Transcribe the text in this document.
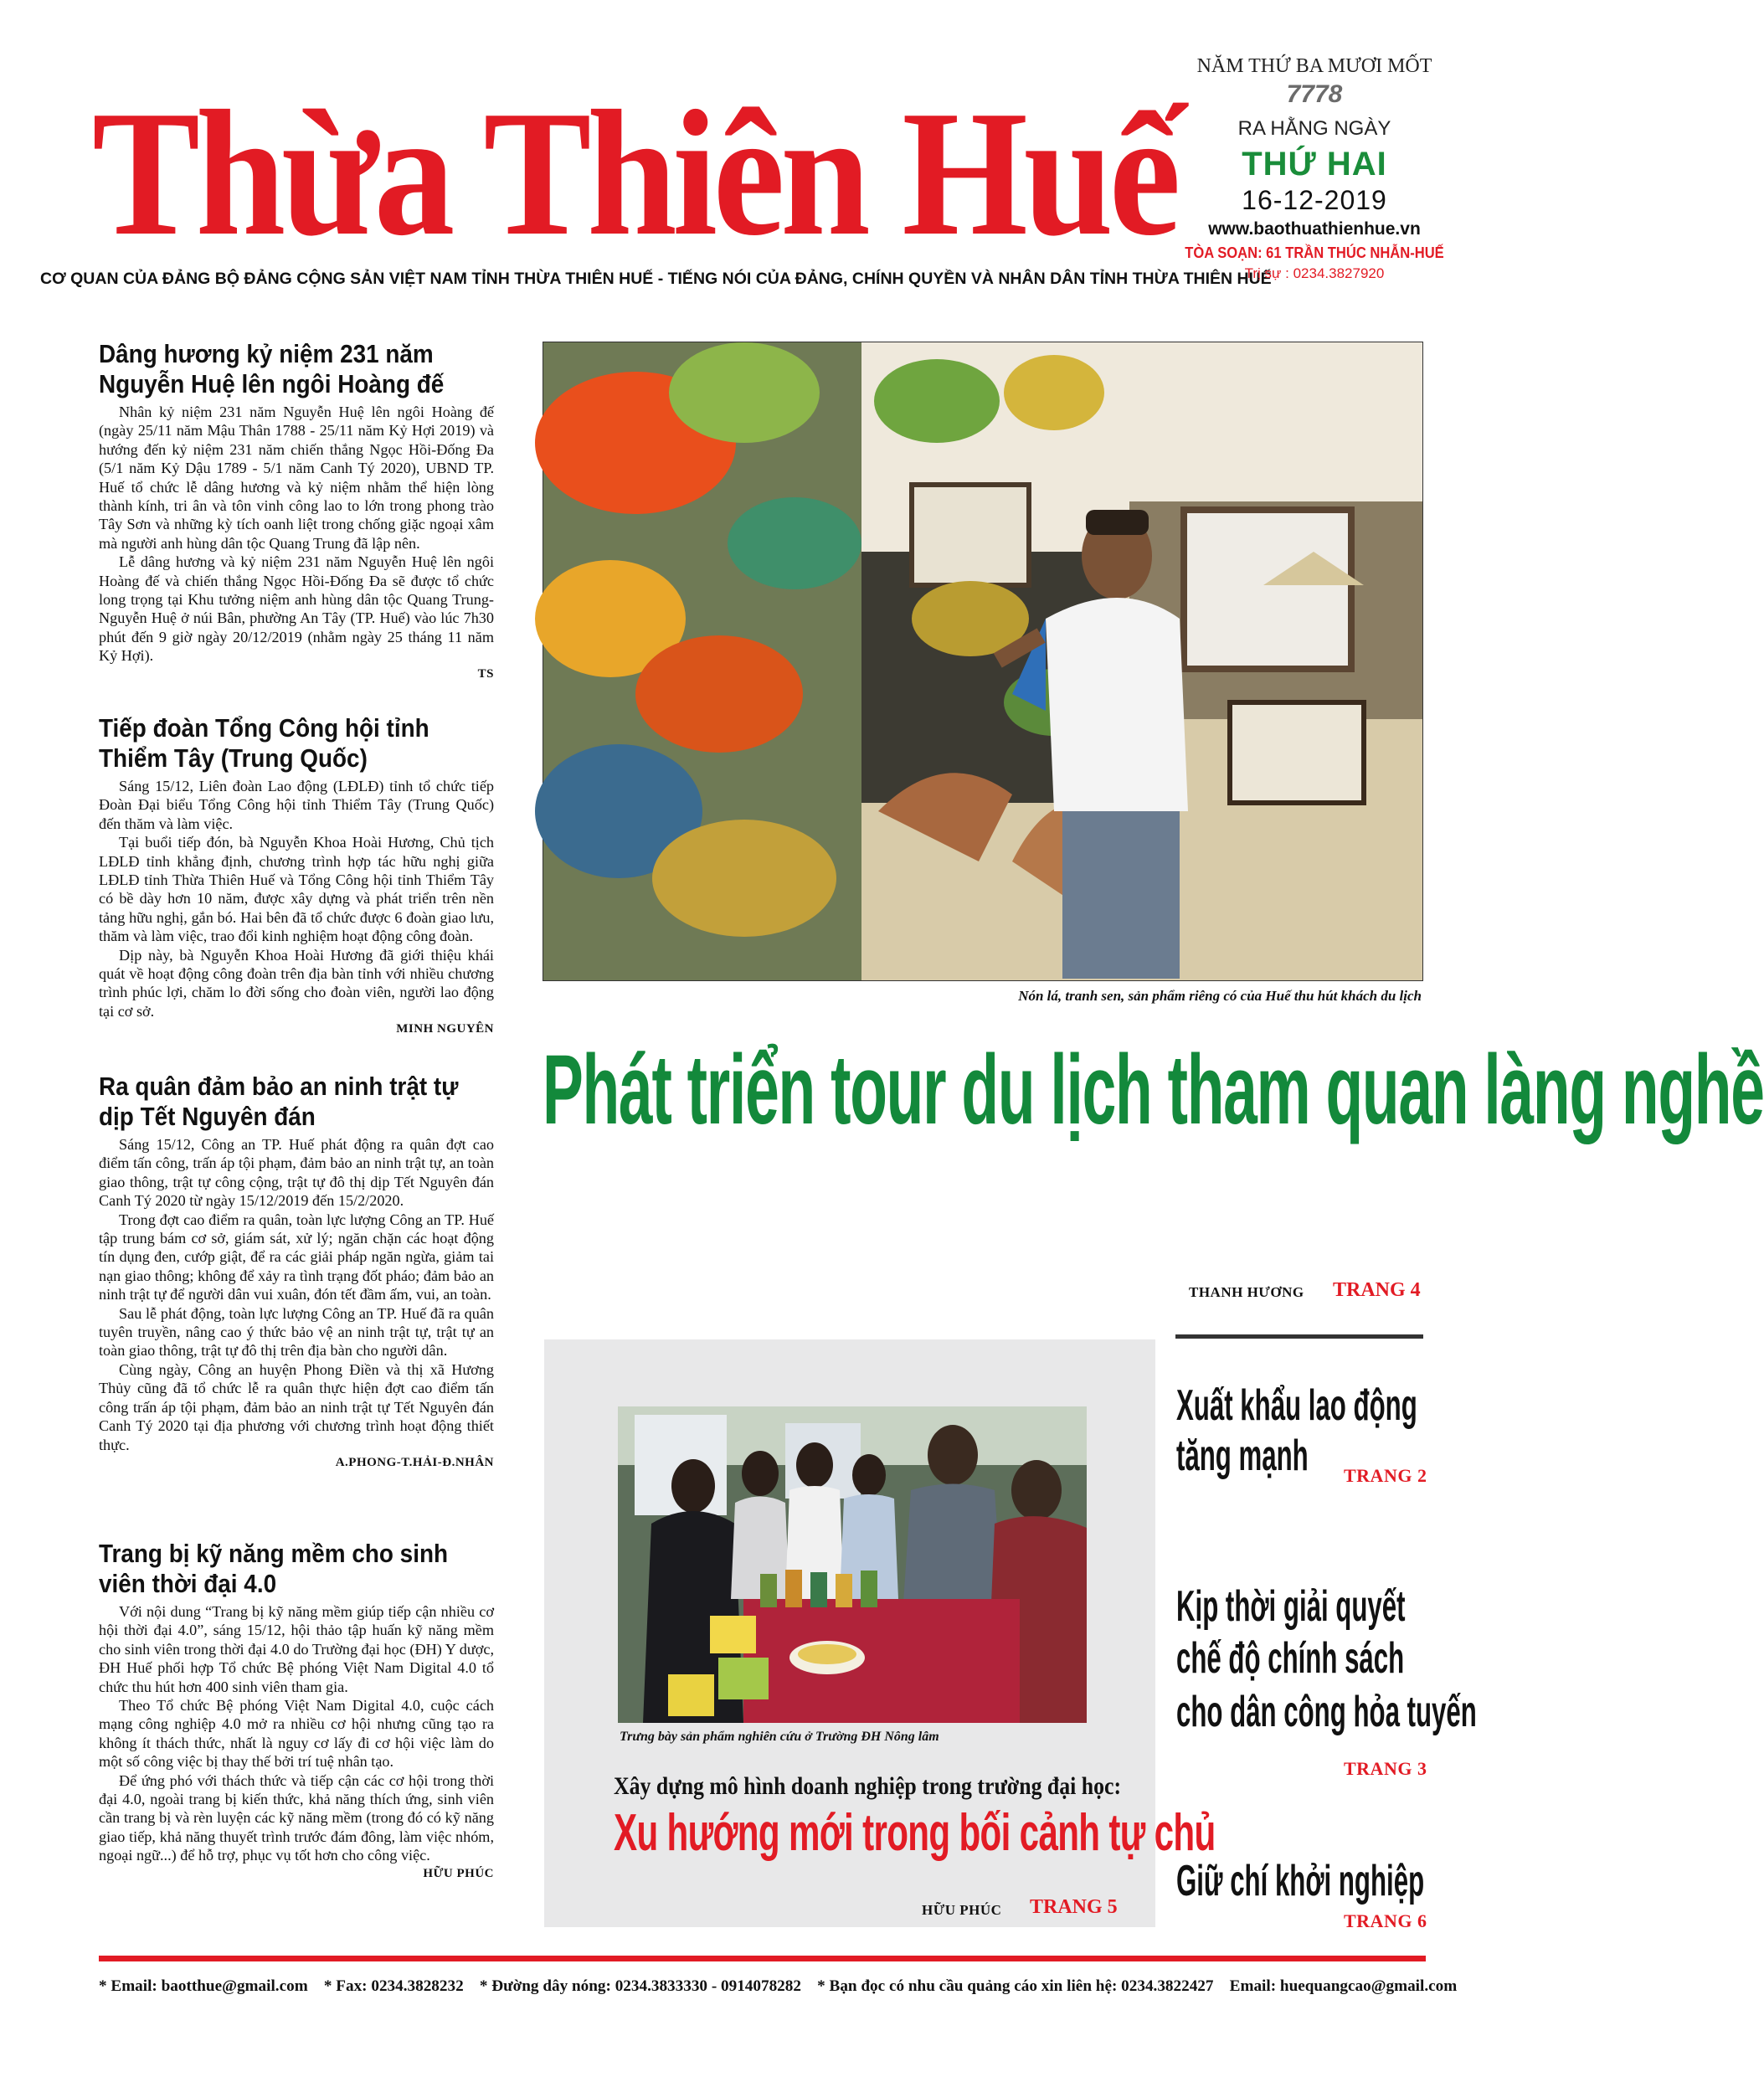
Thừa Thiên Huế
CƠ QUAN CỦA ĐẢNG BỘ ĐẢNG CỘNG SẢN VIỆT NAM TỈNH THỪA THIÊN HUẾ - TIẾNG NÓI CỦA ĐẢNG, CHÍNH QUYỀN VÀ NHÂN DÂN TỈNH THỪA THIÊN HUẾ
NĂM THỨ BA MƯƠI MỐT
7778
RA HẰNG NGÀY
THỨ HAI
16-12-2019
www.baothuathienhue.vn
TÒA SOẠN: 61 TRẦN THÚC NHẪN-HUẾ
Trị sự : 0234.3827920
Dâng hương kỷ niệm 231 năm Nguyễn Huệ lên ngôi Hoàng đế

Nhân kỷ niệm 231 năm Nguyễn Huệ lên ngôi Hoàng đế (ngày 25/11 năm Mậu Thân 1788 - 25/11 năm Kỷ Hợi 2019) và hướng đến kỷ niệm 231 năm chiến thắng Ngọc Hồi-Đống Đa (5/1 năm Kỷ Dậu 1789 - 5/1 năm Canh Tý 2020), UBND TP. Huế tổ chức lễ dâng hương và kỷ niệm nhằm thể hiện lòng thành kính, tri ân và tôn vinh công lao to lớn trong phong trào Tây Sơn và những kỳ tích oanh liệt trong chống giặc ngoại xâm mà người anh hùng dân tộc Quang Trung đã lập nên.

Lễ dâng hương và kỷ niệm 231 năm Nguyễn Huệ lên ngôi Hoàng đế và chiến thắng Ngọc Hồi-Đống Đa sẽ được tổ chức long trọng tại Khu tưởng niệm anh hùng dân tộc Quang Trung-Nguyễn Huệ ở núi Bân, phường An Tây (TP. Huế) vào lúc 7h30 phút đến 9 giờ ngày 20/12/2019 (nhằm ngày 25 tháng 11 năm Kỷ Hợi).

TS
Tiếp đoàn Tổng Công hội tỉnh Thiểm Tây (Trung Quốc)

Sáng 15/12, Liên đoàn Lao động (LĐLĐ) tỉnh tổ chức tiếp Đoàn Đại biểu Tổng Công hội tỉnh Thiểm Tây (Trung Quốc) đến thăm và làm việc.

Tại buổi tiếp đón, bà Nguyễn Khoa Hoài Hương, Chủ tịch LĐLĐ tỉnh khẳng định, chương trình hợp tác hữu nghị giữa LĐLĐ tỉnh Thừa Thiên Huế và Tổng Công hội tỉnh Thiểm Tây có bề dày hơn 10 năm, được xây dựng và phát triển trên nền tảng hữu nghị, gắn bó. Hai bên đã tổ chức được 6 đoàn giao lưu, thăm và làm việc, trao đổi kinh nghiệm hoạt động công đoàn.

Dịp này, bà Nguyễn Khoa Hoài Hương đã giới thiệu khái quát về hoạt động công đoàn trên địa bàn tỉnh với nhiều chương trình phúc lợi, chăm lo đời sống cho đoàn viên, người lao động tại cơ sở.

MINH NGUYÊN
Ra quân đảm bảo an ninh trật tự dịp Tết Nguyên đán

Sáng 15/12, Công an TP. Huế phát động ra quân đợt cao điểm tấn công, trấn áp tội phạm, đảm bảo an ninh trật tự, an toàn giao thông, trật tự công cộng, trật tự đô thị dịp Tết Nguyên đán Canh Tý 2020 từ ngày 15/12/2019 đến 15/2/2020.

Trong đợt cao điểm ra quân, toàn lực lượng Công an TP. Huế tập trung bám cơ sở, giám sát, xử lý; ngăn chặn các hoạt động tín dụng đen, cướp giật, để ra các giải pháp ngăn ngừa, giảm tai nạn giao thông; không để xảy ra tình trạng đốt pháo; đảm bảo an ninh trật tự để người dân vui xuân, đón tết đầm ấm, vui, an toàn.

Sau lễ phát động, toàn lực lượng Công an TP. Huế đã ra quân tuyên truyền, nâng cao ý thức bảo vệ an ninh trật tự, trật tự an toàn giao thông, trật tự đô thị trên địa bàn cho người dân.

Cùng ngày, Công an huyện Phong Điền và thị xã Hương Thủy cũng đã tổ chức lễ ra quân thực hiện đợt cao điểm tấn công trấn áp tội phạm, đảm bảo an ninh trật tự Tết Nguyên đán Canh Tý 2020 tại địa phương với chương trình hoạt động thiết thực.

A.PHONG-T.HẢI-Đ.NHÂN
Trang bị kỹ năng mềm cho sinh viên thời đại 4.0

Với nội dung “Trang bị kỹ năng mềm giúp tiếp cận nhiều cơ hội thời đại 4.0”, sáng 15/12, hội thảo tập huấn kỹ năng mềm cho sinh viên trong thời đại 4.0 do Trường đại học (ĐH) Y dược, ĐH Huế phối hợp Tổ chức Bệ phóng Việt Nam Digital 4.0 tổ chức thu hút hơn 400 sinh viên tham gia.

Theo Tổ chức Bệ phóng Việt Nam Digital 4.0, cuộc cách mạng công nghiệp 4.0 mở ra nhiều cơ hội nhưng cũng tạo ra không ít thách thức, nhất là nguy cơ lấy đi cơ hội việc làm do một số công việc bị thay thế bởi trí tuệ nhân tạo.

Để ứng phó với thách thức và tiếp cận các cơ hội trong thời đại 4.0, ngoài trang bị kiến thức, khả năng thích ứng, sinh viên cần trang bị và rèn luyện các kỹ năng mềm (trong đó có kỹ năng giao tiếp, khả năng thuyết trình trước đám đông, làm việc nhóm, ngoại ngữ...) để hỗ trợ, phục vụ tốt hơn cho công việc.

HỮU PHÚC
Nón lá, tranh sen, sản phẩm riêng có của Huế thu hút khách du lịch
Phát triển tour du lịch tham quan làng nghề
THANH HƯƠNG TRANG 4
Trưng bày sản phẩm nghiên cứu ở Trường ĐH Nông lâm
Xây dựng mô hình doanh nghiệp trong trường đại học:
Xu hướng mới trong bối cảnh tự chủ
HỮU PHÚC TRANG 5
Xuất khẩu lao động
tăng mạnh TRANG 2
Kịp thời giải quyết
chế độ chính sách
cho dân công hỏa tuyến
TRANG 3
Giữ chí khởi nghiệp
TRANG 6
* Email: baotthue@gmail.com    * Fax: 0234.3828232    * Đường dây nóng: 0234.3833330 - 0914078282    * Bạn đọc có nhu cầu quảng cáo xin liên hệ: 0234.3822427    Email: huequangcao@gmail.com
